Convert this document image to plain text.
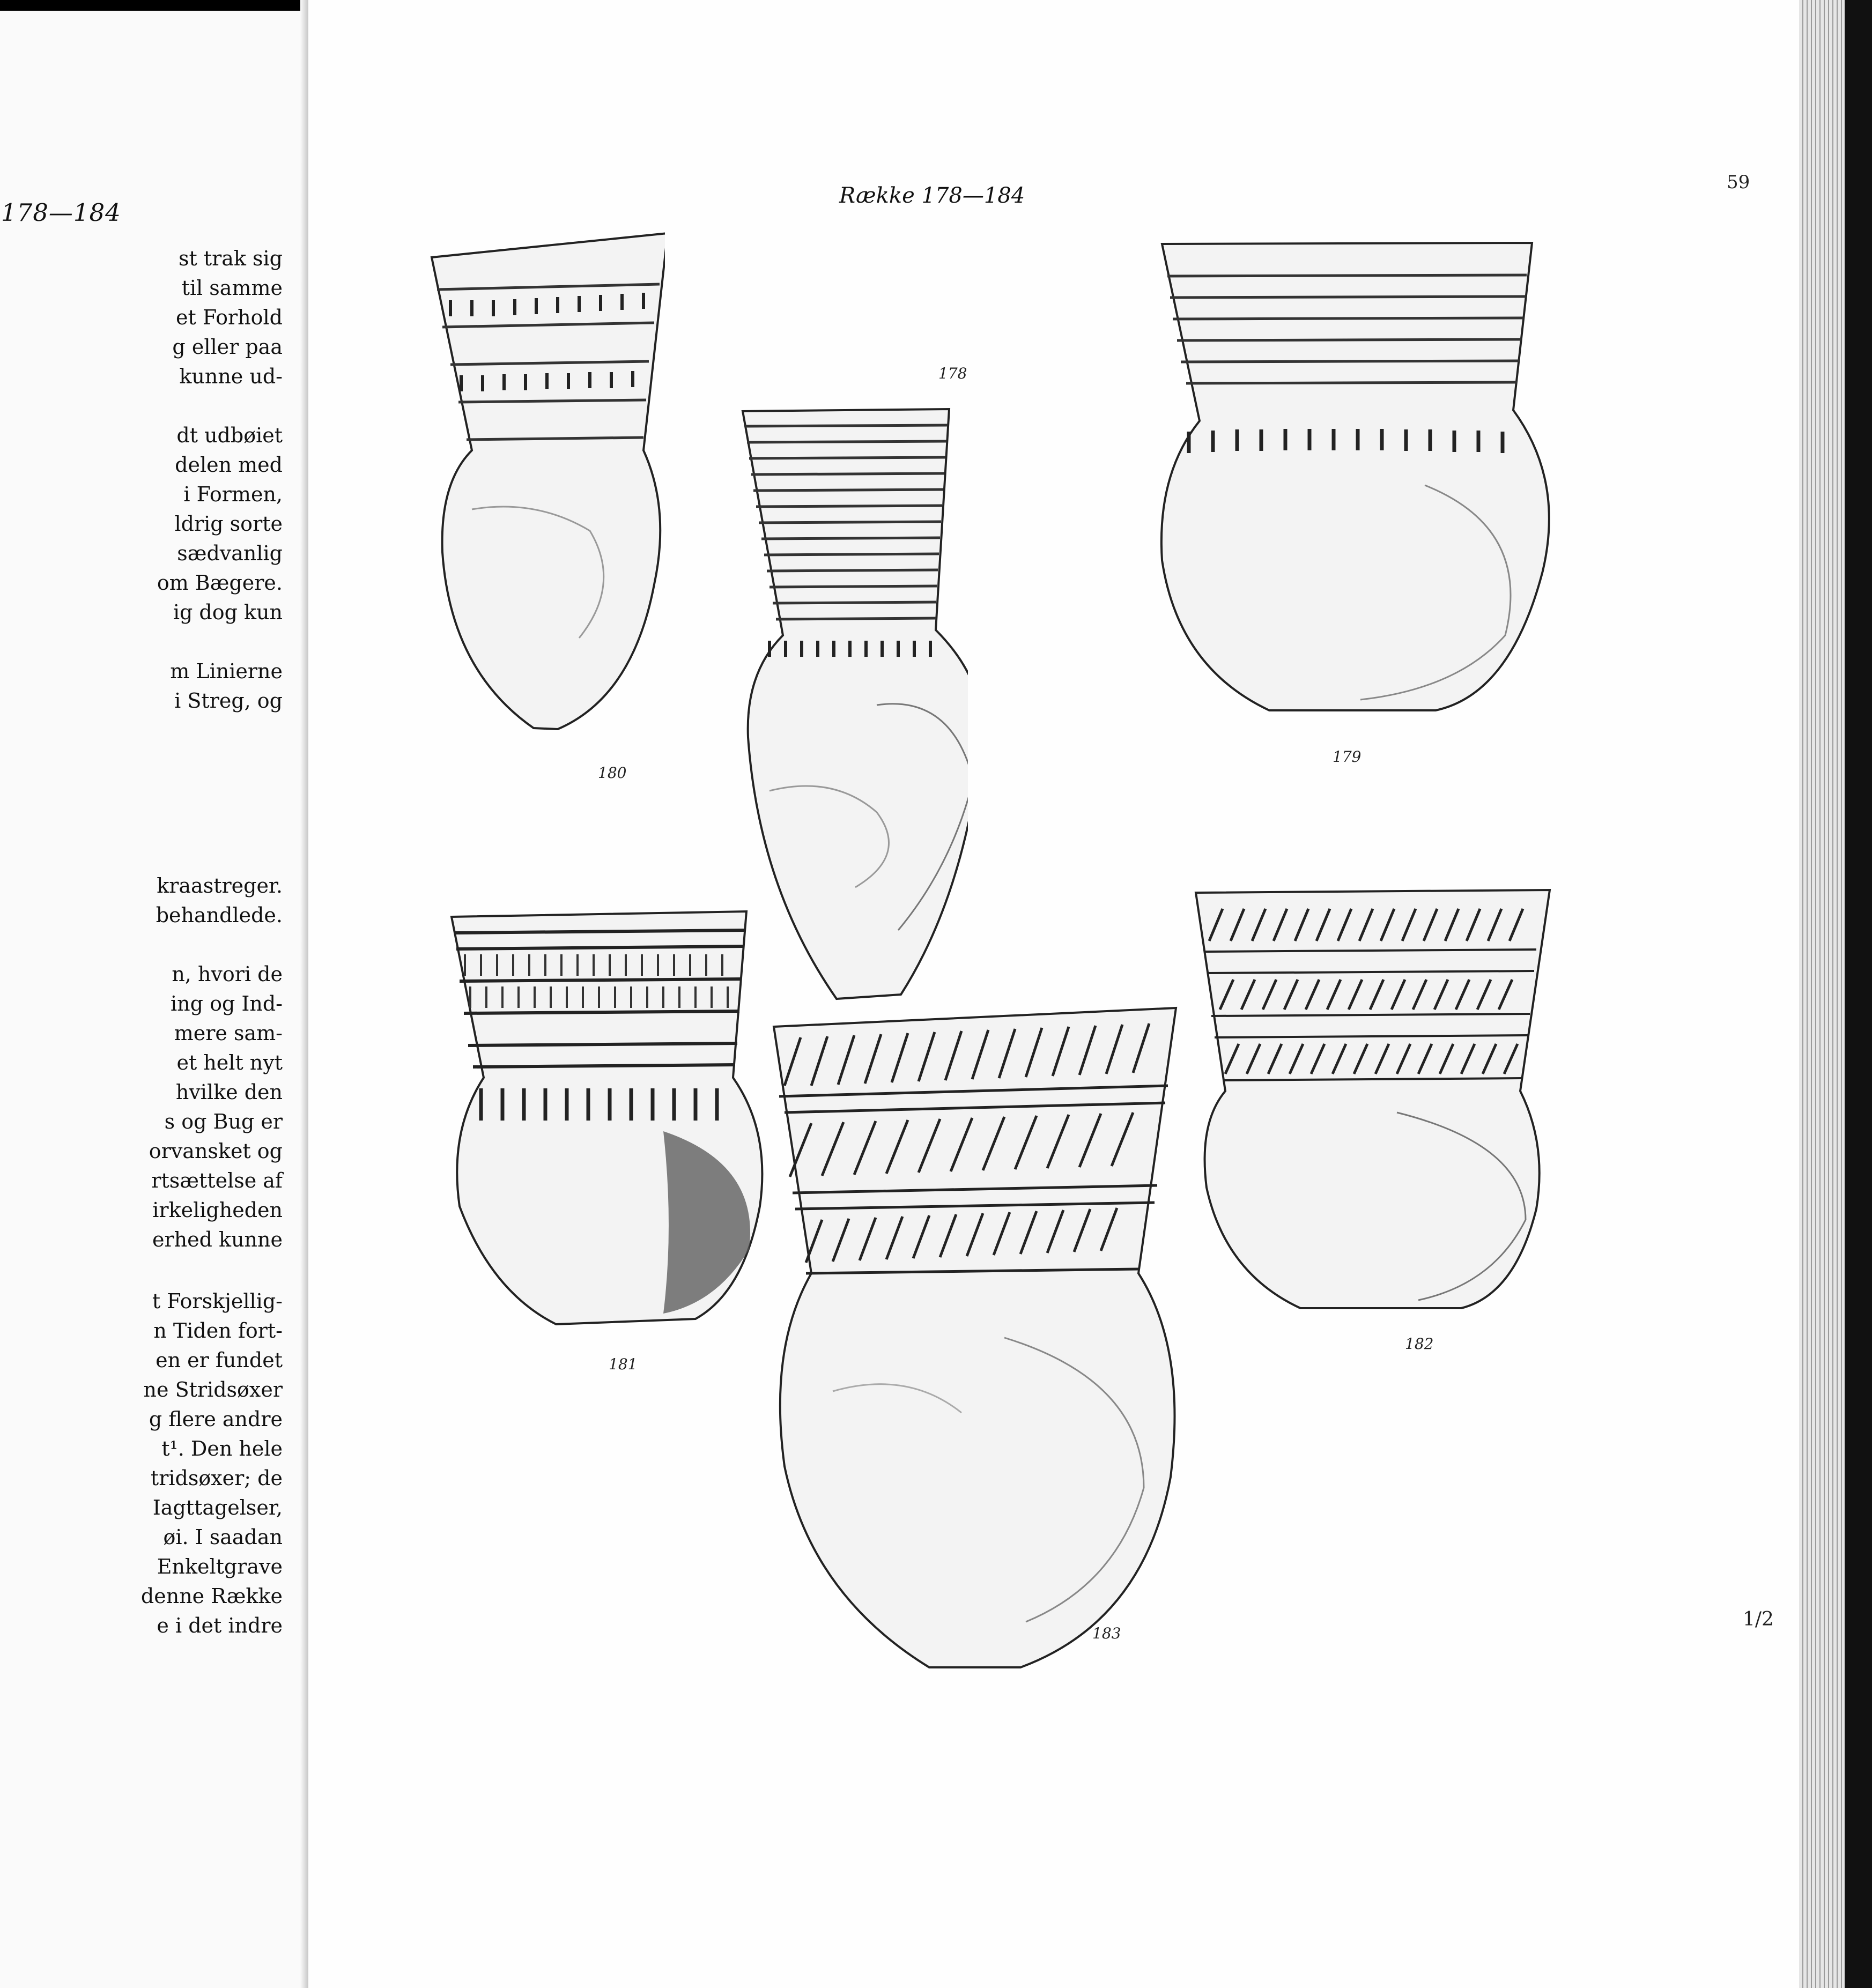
178—184
st trak sig
til samme
et Forhold
g eller paa
kunne ud-
dt udbøiet
delen med
i Formen,
ldrig sorte
sædvanlig
om Bægere.
ig dog kun
m Linierne
i Streg, og
kraastreger.
behandlede.
n, hvori de
ing og Ind-
mere sam-
et helt nyt
hvilke den
s og Bug er
orvansket og
rtsættelse af
irkeligheden
erhed kunne
t Forskjellig-
n Tiden fort-
en er fundet
ne Stridsøxer
g flere andre
t¹. Den hele
tridsøxer; de
Iagttagelser,
øi. I saadan
Enkeltgrave
denne Række
e i det indre
Række 178—184
59
178
180
179
181
183
182
1/2
